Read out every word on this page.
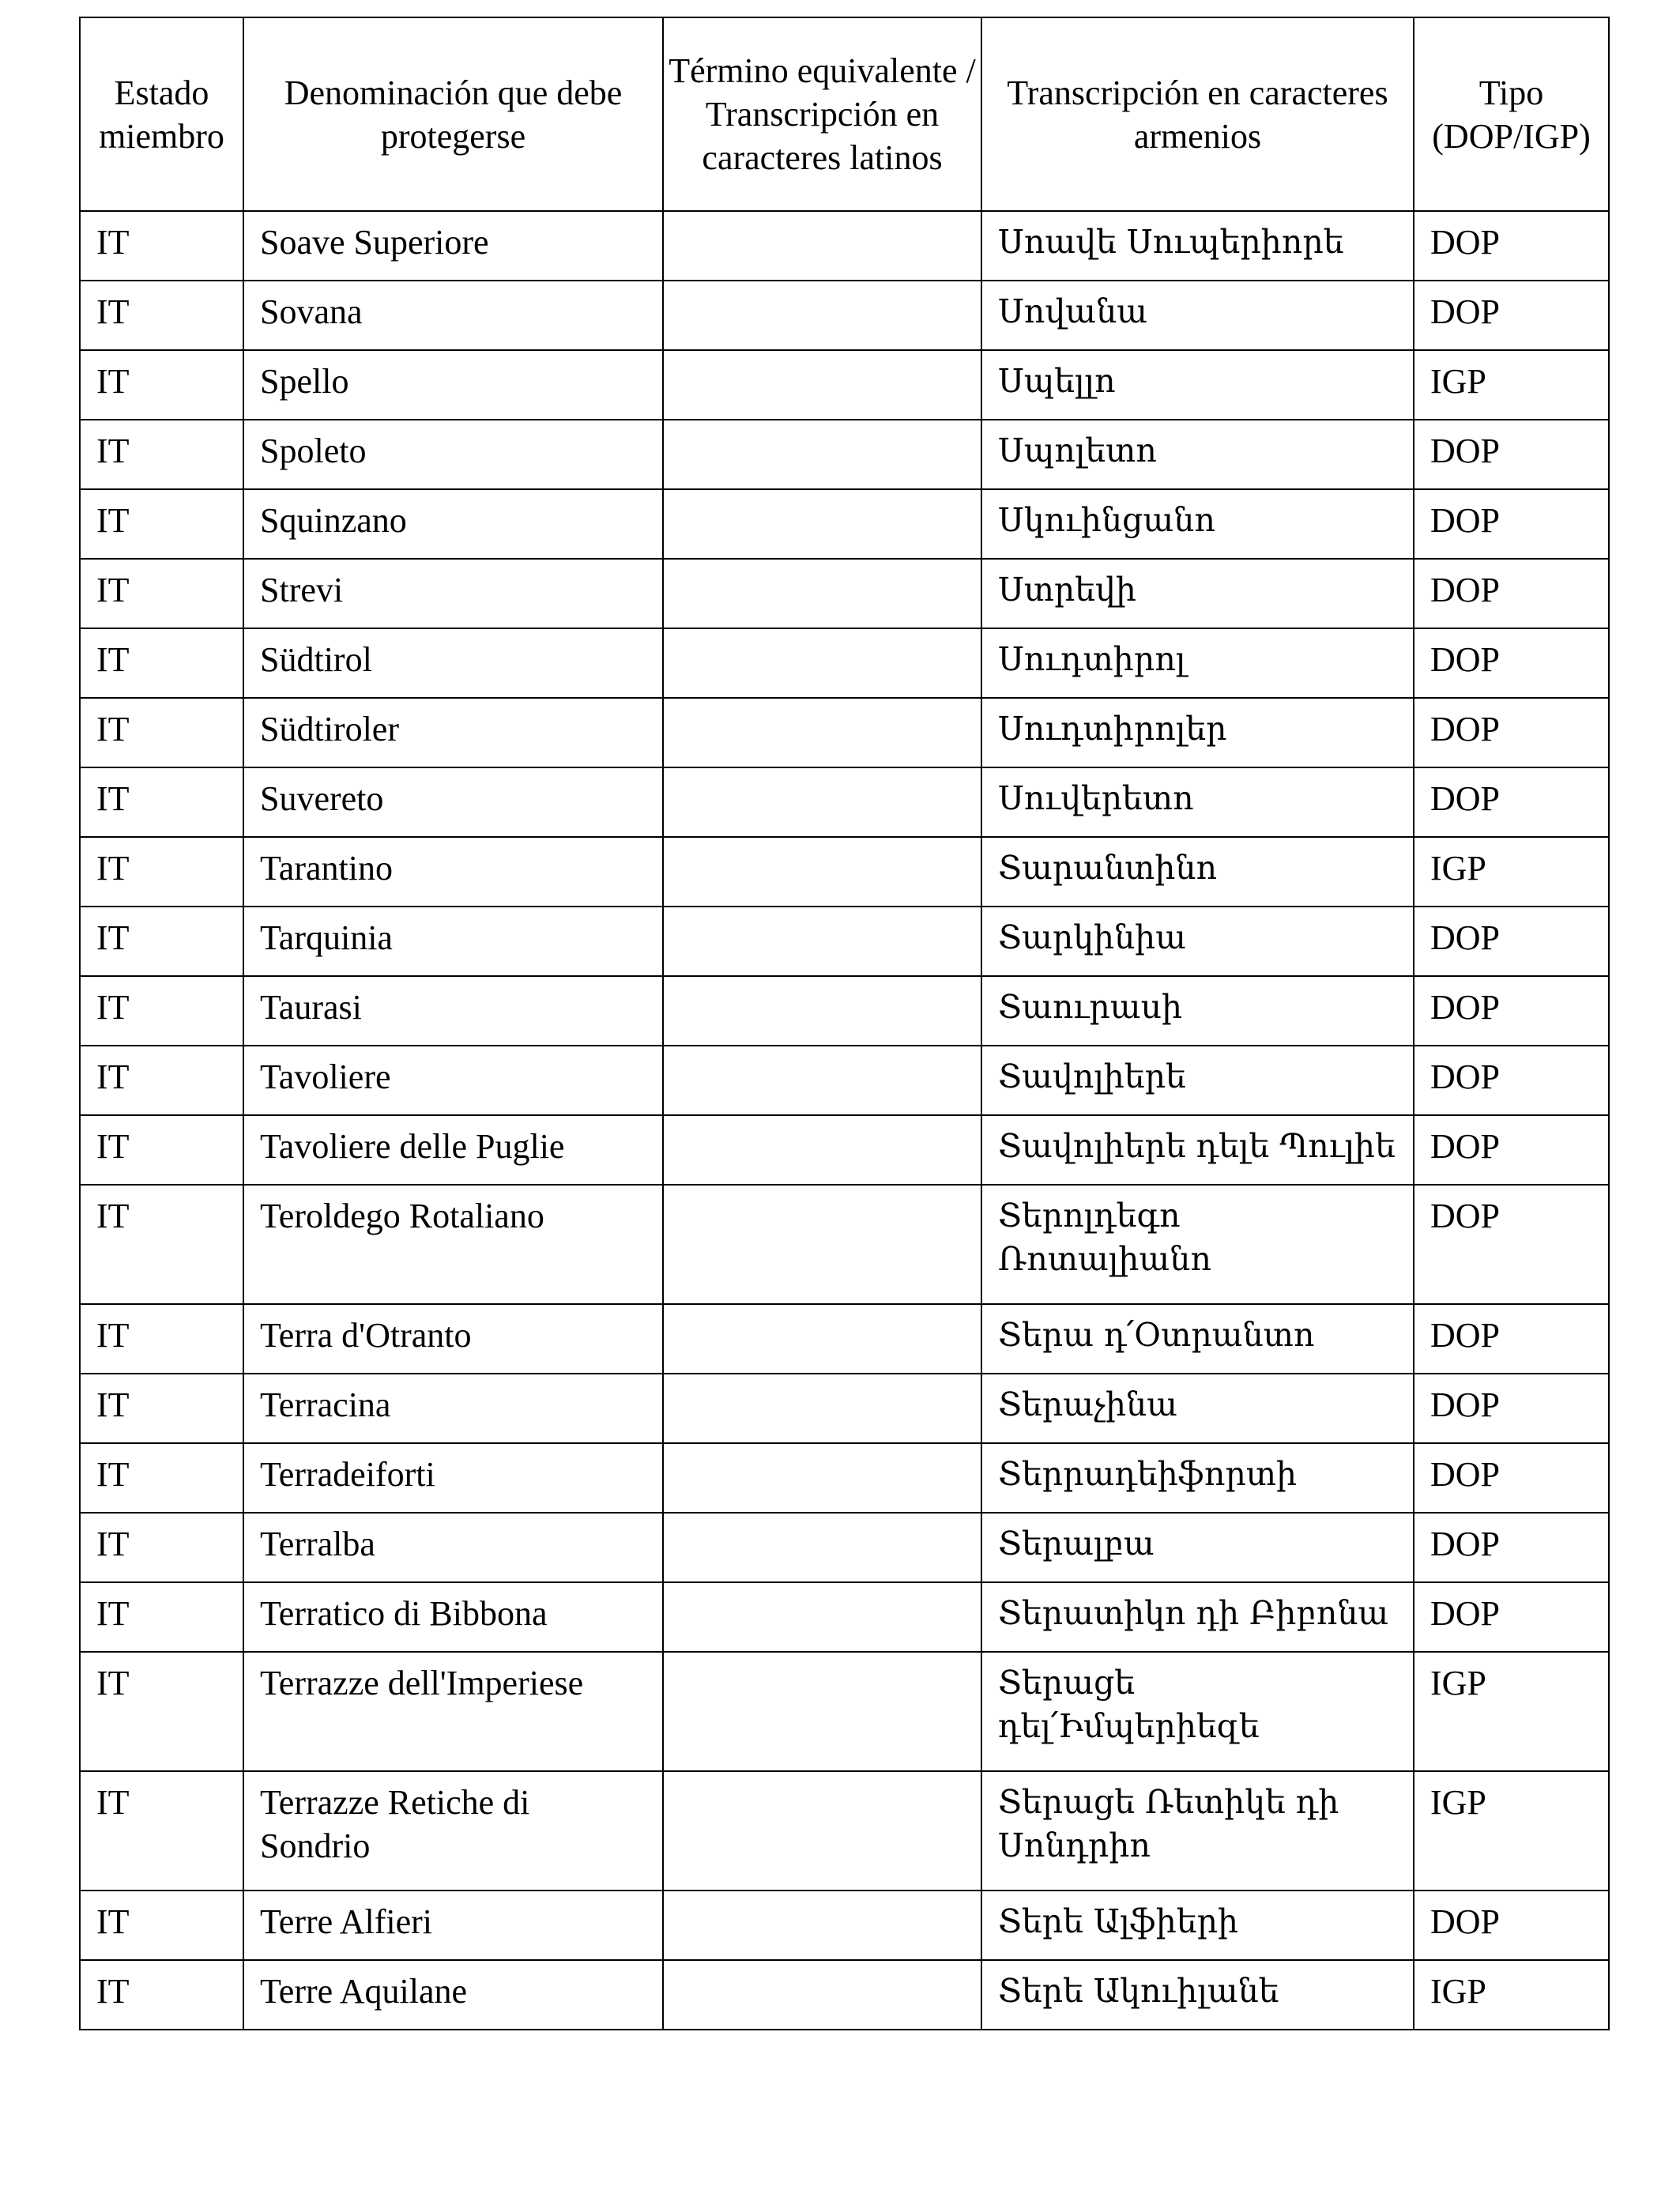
Estado miembro	Denominación que debe protegerse	Término equivalente / Transcripción en caracteres latinos	Transcripción en caracteres armenios	Tipo (DOP/IGP)
IT	Soave Superiore		Սոավե Սուպերիորե	DOP
IT	Sovana		Սովանա	DOP
IT	Spello		Սպելլո	IGP
IT	Spoleto		Սպոլետո	DOP
IT	Squinzano		Սկուինցանո	DOP
IT	Strevi		Ստրեվի	DOP
IT	Südtirol		Սուդտիրոլ	DOP
IT	Südtiroler		Սուդտիրոլեր	DOP
IT	Suvereto		Սուվերետո	DOP
IT	Tarantino		Տարանտինո	IGP
IT	Tarquinia		Տարկինիա	DOP
IT	Taurasi		Տաուրասի	DOP
IT	Tavoliere		Տավոլիերե	DOP
IT	Tavoliere delle Puglie		Տավոլիերե դելե Պուլիե	DOP
IT	Teroldego Rotaliano		Տերոլդեգո Ռոտալիանո	DOP
IT	Terra d'Otranto		Տերա դ՛Օտրանտո	DOP
IT	Terracina		Տերաչինա	DOP
IT	Terradeiforti		Տերրադեիֆորտի	DOP
IT	Terralba		Տերալբա	DOP
IT	Terratico di Bibbona		Տերատիկո դի Բիբոնա	DOP
IT	Terrazze dell'Imperiese		Տերացե դել՛Իմպերիեզե	IGP
IT	Terrazze Retiche di Sondrio		Տերացե Ռետիկե դի Սոնդրիո	IGP
IT	Terre Alfieri		Տերե Ալֆիերի	DOP
IT	Terre Aquilane		Տերե Ակուիլանե	IGP
